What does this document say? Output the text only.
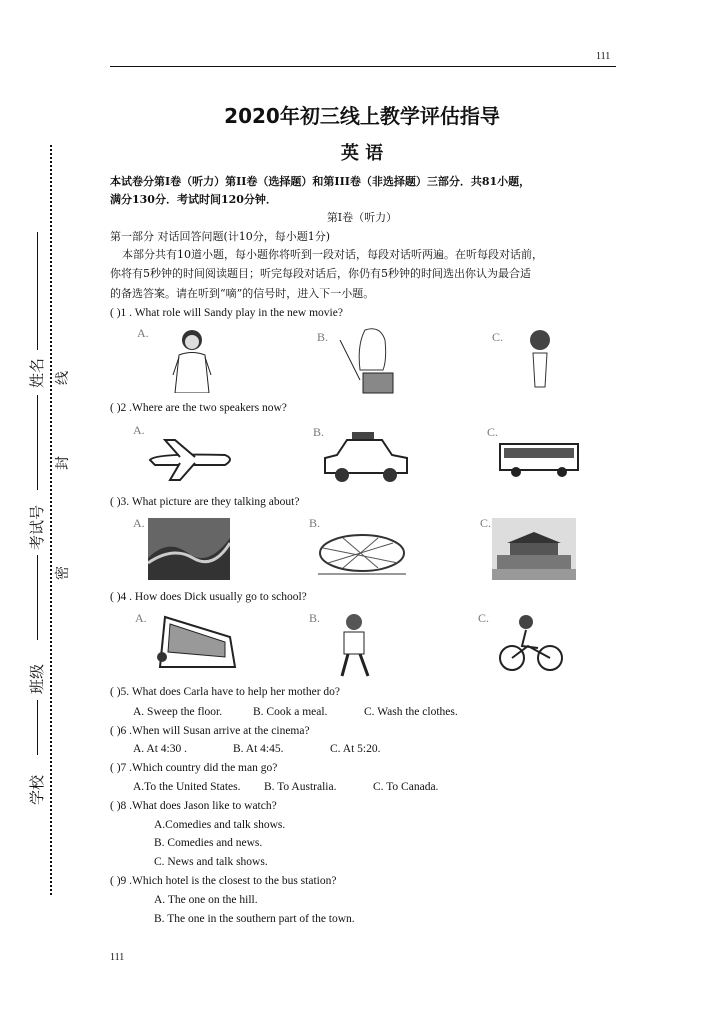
111
2020年初三线上教学评估指导
英 语
本试卷分第I卷（听力）第II卷（选择题）和第III卷（非选择题）三部分．共81小题，
满分130分．考试时间120分钟．
第I卷（听力）
第一部分 对话回答问题(计10分，每小题1分)
本部分共有10道小题，每小题你将听到一段对话，每段对话听两遍。在听每段对话前，
你将有5秒钟的时间阅读题目；听完每段对话后，你仍有5秒钟的时间选出你认为最合适
的备选答案。请在听到“嘀”的信号时，进入下一小题。
( )1 . What role will Sandy play in the new movie?
A.	B.	C.
( )2 .Where are the two speakers now?
A.	B.	C.
( )3. What picture are they talking about?
A.	B.	C.
( )4 . How does Dick usually go to school?
A.	B.	C.
( )5. What does Carla have to help her mother do?
A. Sweep the floor.	B. Cook a meal.	C. Wash the clothes.
( )6 .When will Susan arrive at the cinema?
A. At 4:30 .	B. At 4:45.	C. At 5:20.
( )7 .Which country did the man go?
A.To the United States. B. To Australia.	C. To Canada.
( )8 .What does Jason like to watch?
A.Comedies and talk shows.
B. Comedies and news.
C. News and talk shows.
( )9 .Which hotel is the closest to the bus station?
A. The one on the hill.
B. The one in the southern part of the town.
111
姓名
考试号
班级
学校
线
封
密
